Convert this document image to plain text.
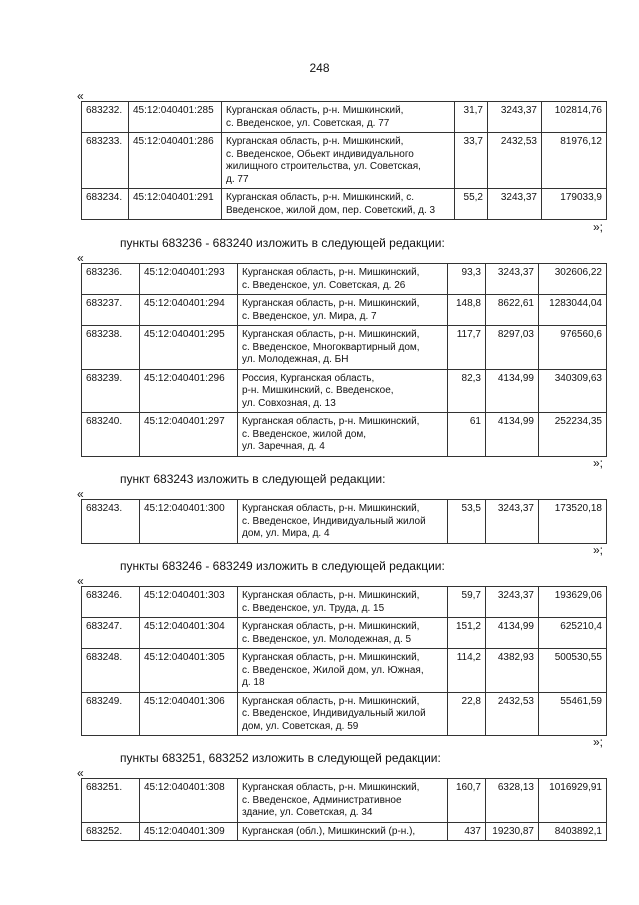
248
«
683232.	45:12:040401:285	Курганская область, р-н. Мишкинский,
с. Введенское, ул. Советская, д. 77	31,7	3243,37	102814,76
683233.	45:12:040401:286	Курганская область, р-н. Мишкинский,
с. Введенское, Обьект индивидуального
жилищного строительства, ул. Советская,
д. 77	33,7	2432,53	81976,12
683234.	45:12:040401:291	Курганская область, р-н. Мишкинский, с.
Введенское, жилой дом, пер. Советский, д. 3	55,2	3243,37	179033,9
»;
пункты 683236 - 683240 изложить в следующей редакции:
«
683236.	45:12:040401:293	Курганская область, р-н. Мишкинский,
с. Введенское, ул. Советская, д. 26	93,3	3243,37	302606,22
683237.	45:12:040401:294	Курганская область, р-н. Мишкинский,
с. Введенское, ул. Мира, д. 7	148,8	8622,61	1283044,04
683238.	45:12:040401:295	Курганская область, р-н. Мишкинский,
с. Введенское, Многоквартирный дом,
ул. Молодежная, д. БН	117,7	8297,03	976560,6
683239.	45:12:040401:296	Россия, Курганская область,
р-н. Мишкинский, с. Введенское,
ул. Совхозная, д. 13	82,3	4134,99	340309,63
683240.	45:12:040401:297	Курганская область, р-н. Мишкинский,
с. Введенское, жилой дом,
ул. Заречная, д. 4	61	4134,99	252234,35
»;
пункт 683243 изложить в следующей редакции:
«
683243.	45:12:040401:300	Курганская область, р-н. Мишкинский,
с. Введенское, Индивидуальный жилой
дом, ул. Мира, д. 4	53,5	3243,37	173520,18
»;
пункты 683246 - 683249 изложить в следующей редакции:
«
683246.	45:12:040401:303	Курганская область, р-н. Мишкинский,
с. Введенское, ул. Труда, д. 15	59,7	3243,37	193629,06
683247.	45:12:040401:304	Курганская область, р-н. Мишкинский,
с. Введенское, ул. Молодежная, д. 5	151,2	4134,99	625210,4
683248.	45:12:040401:305	Курганская область, р-н. Мишкинский,
с. Введенское, Жилой дом, ул. Южная,
д. 18	114,2	4382,93	500530,55
683249.	45:12:040401:306	Курганская область, р-н. Мишкинский,
с. Введенское, Индивидуальный жилой
дом, ул. Советская, д. 59	22,8	2432,53	55461,59
»;
пункты 683251, 683252 изложить в следующей редакции:
«
683251.	45:12:040401:308	Курганская область, р-н. Мишкинский,
с. Введенское, Административное
здание, ул. Советская, д. 34	160,7	6328,13	1016929,91
683252.	45:12:040401:309	Курганская (обл.), Мишкинский (р-н.),	437	19230,87	8403892,1
